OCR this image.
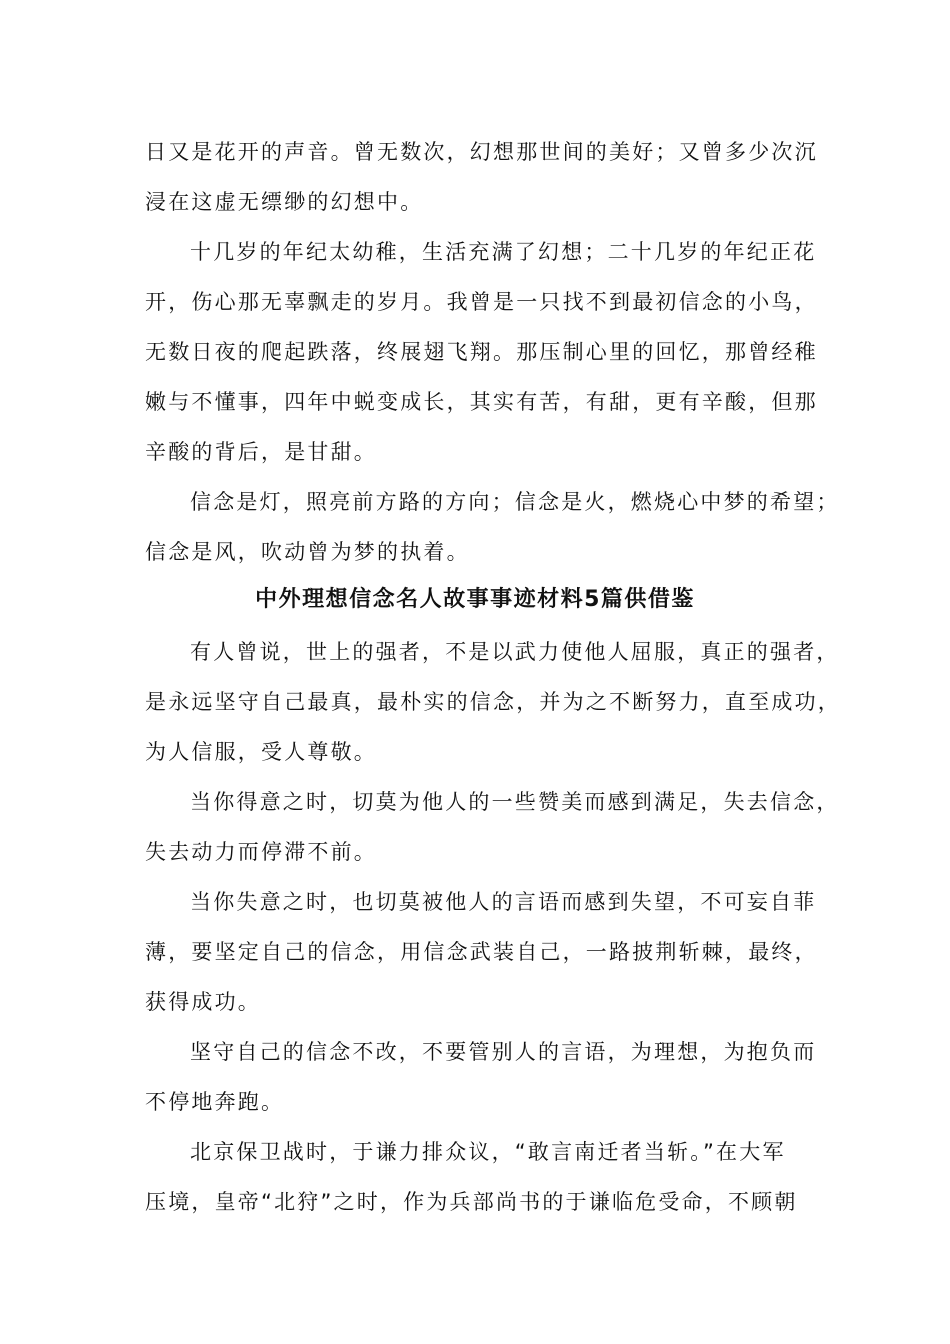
日又是花开的声音。曾无数次，幻想那世间的美好；又曾多少次沉
浸在这虚无缥缈的幻想中。
十几岁的年纪太幼稚，生活充满了幻想；二十几岁的年纪正花
开，伤心那无辜飘走的岁月。我曾是一只找不到最初信念的小鸟，
无数日夜的爬起跌落，终展翅飞翔。那压制心里的回忆，那曾经稚
嫩与不懂事，四年中蜕变成长，其实有苦，有甜，更有辛酸，但那
辛酸的背后，是甘甜。
信念是灯，照亮前方路的方向；信念是火，燃烧心中梦的希望；
信念是风，吹动曾为梦的执着。
中外理想信念名人故事事迹材料5篇供借鉴
有人曾说，世上的强者，不是以武力使他人屈服，真正的强者，
是永远坚守自己最真，最朴实的信念，并为之不断努力，直至成功，
为人信服，受人尊敬。
当你得意之时，切莫为他人的一些赞美而感到满足，失去信念，
失去动力而停滞不前。
当你失意之时，也切莫被他人的言语而感到失望，不可妄自菲
薄，要坚定自己的信念，用信念武装自己，一路披荆斩棘，最终，
获得成功。
坚守自己的信念不改，不要管别人的言语，为理想，为抱负而
不停地奔跑。
北京保卫战时，于谦力排众议，“敢言南迁者当斩。”在大军
压境，皇帝“北狩”之时，作为兵部尚书的于谦临危受命，不顾朝
